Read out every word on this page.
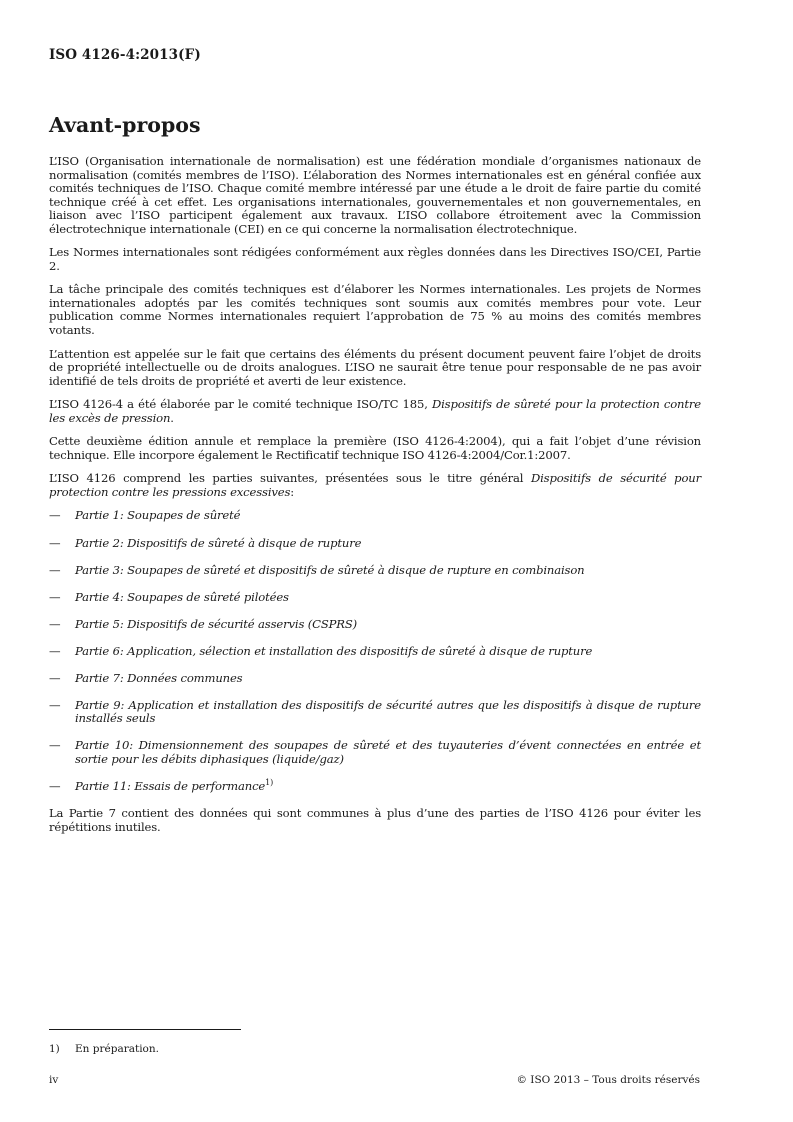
ISO 4126-4:2013(F)
Avant-propos

L’ISO (Organisation internationale de normalisation) est une fédération mondiale d’organismes nationaux de normalisation (comités membres de l’ISO). L’élaboration des Normes internationales est en général confiée aux comités techniques de l’ISO. Chaque comité membre intéressé par une étude a le droit de faire partie du comité technique créé à cet effet. Les organisations internationales, gouvernementales et non gouvernementales, en liaison avec l’ISO participent également aux travaux. L’ISO collabore étroitement avec la Commission électrotechnique internationale (CEI) en ce qui concerne la normalisation électrotechnique.

Les Normes internationales sont rédigées conformément aux règles données dans les Directives ISO/CEI, Partie 2.

La tâche principale des comités techniques est d’élaborer les Normes internationales. Les projets de Normes internationales adoptés par les comités techniques sont soumis aux comités membres pour vote. Leur publication comme Normes internationales requiert l’approbation de 75 % au moins des comités membres votants.

L’attention est appelée sur le fait que certains des éléments du présent document peuvent faire l’objet de droits de propriété intellectuelle ou de droits analogues. L’ISO ne saurait être tenue pour responsable de ne pas avoir identifié de tels droits de propriété et averti de leur existence.

L’ISO 4126-4 a été élaborée par le comité technique ISO/TC 185, Dispositifs de sûreté pour la protection contre les excès de pression.

Cette deuxième édition annule et remplace la première (ISO 4126-4:2004), qui a fait l’objet d’une révision technique. Elle incorpore également le Rectificatif technique ISO 4126-4:2004/Cor.1:2007.

L’ISO 4126 comprend les parties suivantes, présentées sous le titre général Dispositifs de sécurité pour protection contre les pressions excessives:

— Partie 1: Soupapes de sûreté
— Partie 2: Dispositifs de sûreté à disque de rupture
— Partie 3: Soupapes de sûreté et dispositifs de sûreté à disque de rupture en combinaison
— Partie 4: Soupapes de sûreté pilotées
— Partie 5: Dispositifs de sécurité asservis (CSPRS)
— Partie 6: Application, sélection et installation des dispositifs de sûreté à disque de rupture
— Partie 7: Données communes
— Partie 9: Application et installation des dispositifs de sécurité autres que les dispositifs à disque de rupture installés seuls
— Partie 10: Dimensionnement des soupapes de sûreté et des tuyauteries d’évent connectées en entrée et sortie pour les débits diphasiques (liquide/gaz)
— Partie 11: Essais de performance$^{1)}$

La Partie 7 contient des données qui sont communes à plus d’une des parties de l’ISO 4126 pour éviter les répétitions inutiles.

1) En préparation.
iv	© ISO 2013 – Tous droits réservés
